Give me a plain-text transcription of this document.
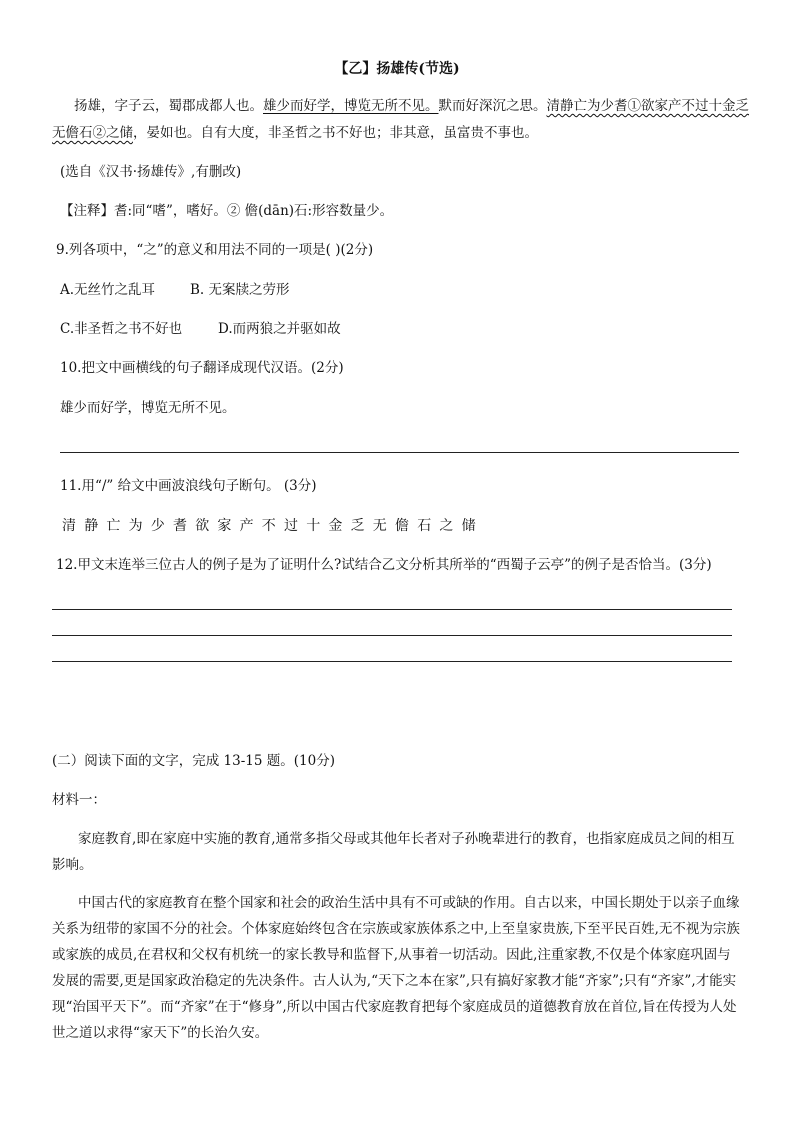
【乙】扬雄传(节选)
扬雄，字子云，蜀郡成都人也。雄少而好学，博览无所不见。默而好深沉之思。清静亡为少耆①欲家产不过十金乏
无儋石②之储，晏如也。自有大度，非圣哲之书不好也；非其意，虽富贵不事也。
(选自《汉书·扬雄传》,有删改)
【注释】耆:同“嗜”，嗜好。② 儋(dān)石:形容数量少。
9.列各项中，“之”的意义和用法不同的一项是( )(2分)
A.无丝竹之乱耳	B. 无案牍之劳形
C.非圣哲之书不好也	D.而两狼之并驱如故
10.把文中画横线的句子翻译成现代汉语。(2分)
雄少而好学，博览无所不见。
11.用“/” 给文中画波浪线句子断句。 (3分)
清静亡为少耆欲家产不过十金乏无儋石之储
12.甲文末连举三位古人的例子是为了证明什么?试结合乙文分析其所举的“西蜀子云亭”的例子是否恰当。(3分)
(二）阅读下面的文字，完成 13-15 题。(10分)
材料一：
家庭教育,即在家庭中实施的教育,通常多指父母或其他年长者对子孙晚辈进行的教育，也指家庭成员之间的相互影响。
中国古代的家庭教育在整个国家和社会的政治生活中具有不可或缺的作用。自古以来，中国长期处于以亲子血缘关系为纽带的家国不分的社会。个体家庭始终包含在宗族或家族体系之中,上至皇家贵族,下至平民百姓,无不视为宗族或家族的成员,在君权和父权有机统一的家长教导和监督下,从事着一切活动。因此,注重家教,不仅是个体家庭巩固与发展的需要,更是国家政治稳定的先决条件。古人认为,“天下之本在家”,只有搞好家教才能“齐家”;只有“齐家”,才能实现“治国平天下”。而“齐家”在于“修身”,所以中国古代家庭教育把每个家庭成员的道德教育放在首位,旨在传授为人处世之道以求得“家天下”的长治久安。
